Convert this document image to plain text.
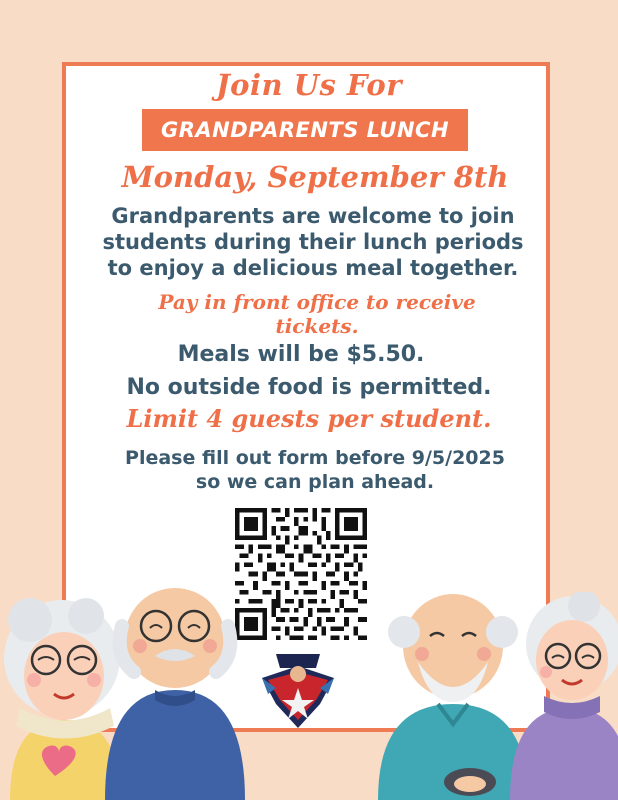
Join Us For
GRANDPARENTS LUNCH
Monday, September 8th
Grandparents are welcome to join
students during their lunch periods
to enjoy a delicious meal together.
Pay in front office to receive
tickets.
Meals will be $5.50.
No outside food is permitted.
Limit 4 guests per student.
Please fill out form before 9/5/2025
so we can plan ahead.
